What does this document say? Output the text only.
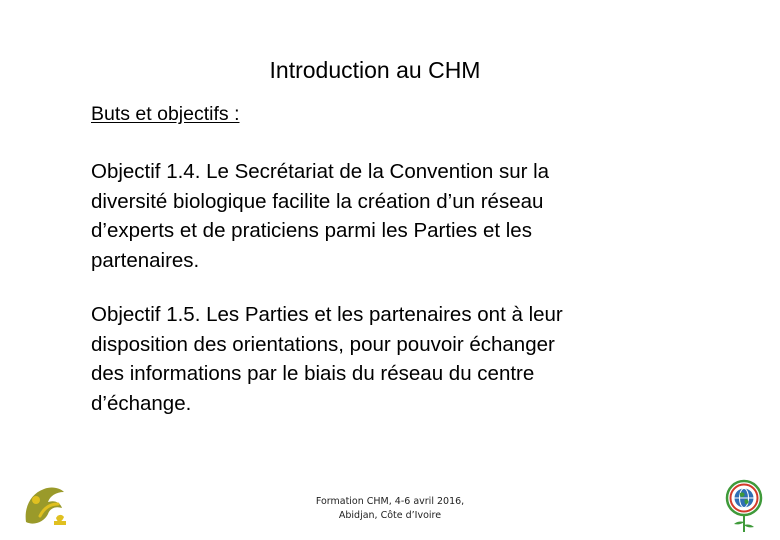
Introduction au CHM
Buts et objectifs :
Objectif 1.4. Le Secrétariat de la Convention sur la
diversité biologique facilite la création d’un réseau
d’experts et de praticiens parmi les Parties et les
partenaires.
Objectif 1.5. Les Parties et les partenaires ont à leur
disposition des orientations, pour pouvoir échanger
des informations par le biais du réseau du centre
d’échange.
Formation CHM, 4-6 avril 2016,
Abidjan, Côte d’Ivoire
